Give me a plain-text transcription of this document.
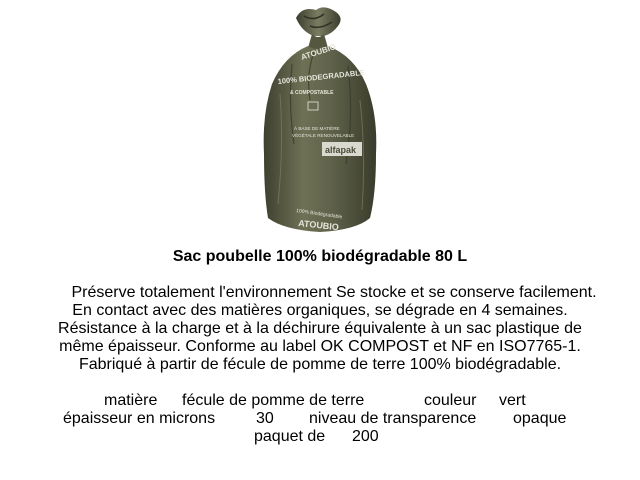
ATOUBIO
100% BIODEGRADABLE
& COMPOSTABLE
À BASE DE MATIÈRE
VÉGÉTALE RENOUVELABLE
alfapak
100% Biodégradable
ATOUBIO
Sac poubelle 100% biodégradable 80 L
Préserve totalement l'environnement Se stocke et se conserve facilement.
En contact avec des matières organiques, se dégrade en 4 semaines.
Résistance à la charge et à la déchirure équivalente à un sac plastique de
même épaisseur. Conforme au label OK COMPOST et NF en ISO7765-1.
Fabriqué à partir de fécule de pomme de terre 100% biodégradable.
matière fécule de pomme de terre	couleur vert
épaisseur en microns	30 niveau de transparence opaque
paquet de 200
